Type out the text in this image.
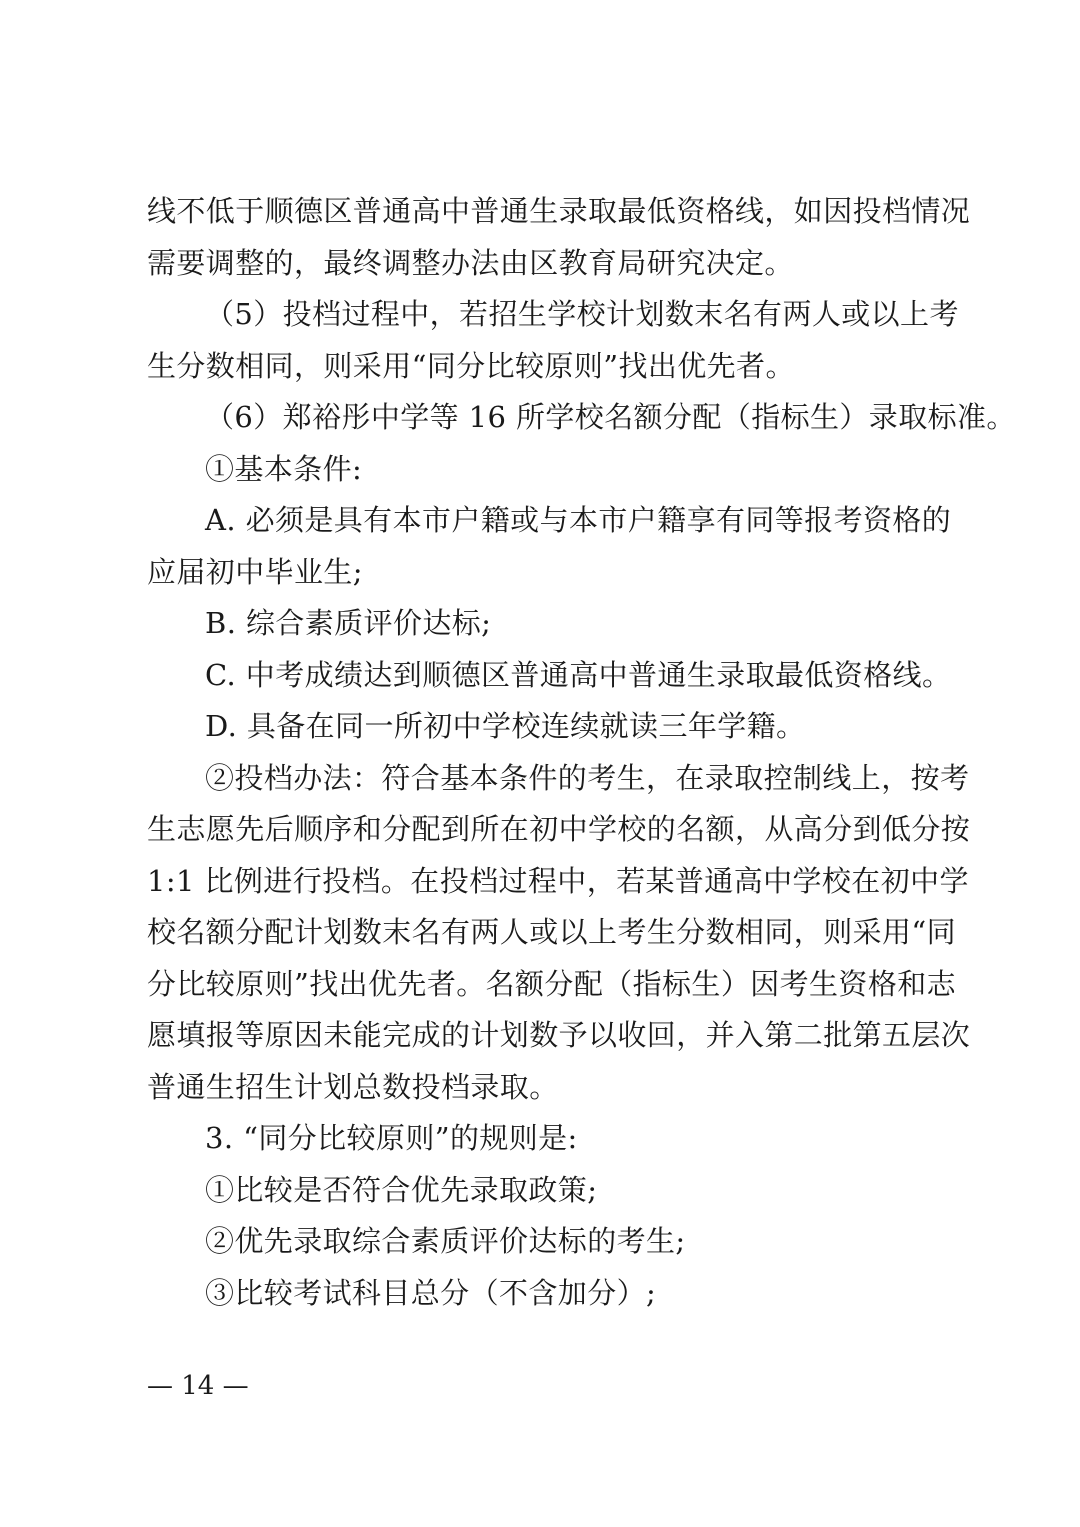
线不低于顺德区普通高中普通生录取最低资格线，如因投档情况
需要调整的，最终调整办法由区教育局研究决定。
（5）投档过程中，若招生学校计划数末名有两人或以上考
生分数相同，则采用“同分比较原则”找出优先者。
（6）郑裕彤中学等 16 所学校名额分配（指标生）录取标准。
①基本条件:
A. 必须是具有本市户籍或与本市户籍享有同等报考资格的
应届初中毕业生;
B. 综合素质评价达标;
C. 中考成绩达到顺德区普通高中普通生录取最低资格线。
D. 具备在同一所初中学校连续就读三年学籍。
②投档办法：符合基本条件的考生，在录取控制线上，按考
生志愿先后顺序和分配到所在初中学校的名额，从高分到低分按
1:1 比例进行投档。在投档过程中，若某普通高中学校在初中学
校名额分配计划数末名有两人或以上考生分数相同，则采用“同
分比较原则”找出优先者。名额分配（指标生）因考生资格和志
愿填报等原因未能完成的计划数予以收回，并入第二批第五层次
普通生招生计划总数投档录取。
3. “同分比较原则”的规则是:
①比较是否符合优先录取政策;
②优先录取综合素质评价达标的考生;
③比较考试科目总分（不含加分）;
— 14 —
